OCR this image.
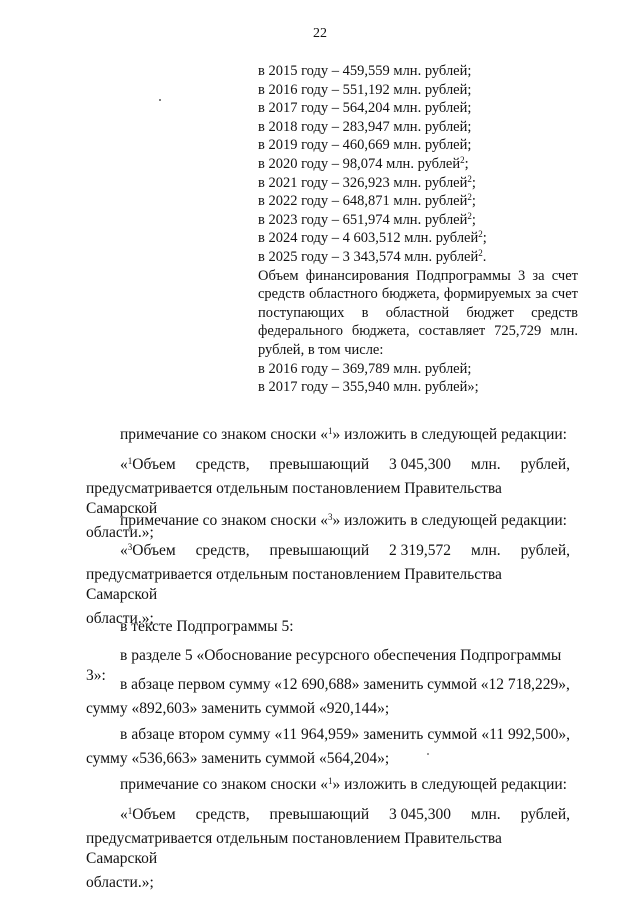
22
в 2015 году – 459,559 млн. рублей;
в 2016 году – 551,192 млн. рублей;
в 2017 году – 564,204 млн. рублей;
в 2018 году – 283,947 млн. рублей;
в 2019 году – 460,669 млн. рублей;
в 2020 году – 98,074 млн. рублей$^2$;
в 2021 году – 326,923 млн. рублей$^2$;
в 2022 году – 648,871 млн. рублей$^2$;
в 2023 году – 651,974 млн. рублей$^2$;
в 2024 году – 4 603,512 млн. рублей$^2$;
в 2025 году – 3 343,574 млн. рублей$^2$.
Объем финансирования Подпрограммы 3 за счет средств областного бюджета, формируемых за счет поступающих в областной бюджет средств федерального бюджета, составляет 725,729 млн. рублей, в том числе:
в 2016 году – 369,789 млн. рублей;
в 2017 году – 355,940 млн. рублей»;
примечание со знаком сноски «$^1$» изложить в следующей редакции:
«$^1$Объем средств, превышающий 3 045,300 млн. рублей,
предусматривается отдельным постановлением Правительства Самарской
области.»;
примечание со знаком сноски «$^3$» изложить в следующей редакции:
«$^3$Объем средств, превышающий 2 319,572 млн. рублей,
предусматривается отдельным постановлением Правительства Самарской
области.»;
в тексте Подпрограммы 5:
в разделе 5 «Обоснование ресурсного обеспечения Подпрограммы 3»:
в абзаце первом сумму «12 690,688» заменить суммой «12 718,229»,
сумму «892,603» заменить суммой «920,144»;
в абзаце втором сумму «11 964,959» заменить суммой «11 992,500»,
сумму «536,663» заменить суммой «564,204»;
примечание со знаком сноски «$^1$» изложить в следующей редакции:
«$^1$Объем средств, превышающий 3 045,300 млн. рублей,
предусматривается отдельным постановлением Правительства Самарской
области.»;
